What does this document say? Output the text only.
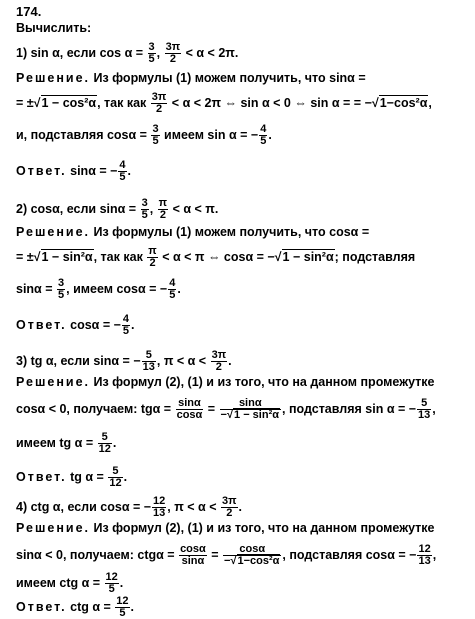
174.
Вычислить:
1) sin α, если $\cos \alpha = \frac{3}{5}$ , $\frac{3\pi}{2} < \alpha < 2\pi$.
Решение. Из формулы (1) можем получить, что sinα =
= ±√1 − cos²α, так как $\frac{3\pi}{2} < \alpha < 2\pi$ ⇔ sin α < 0 ⇔ sin α = = −√1−cos²α,
и, подставляя $\cos\alpha = \frac{3}{5}$ имеем sin α = − $\frac{4}{5}$ .
Ответ. sinα = − $\frac{4}{5}$ .
2) cosα, если $\sin\alpha = \frac{3}{5}$ , $\frac{\pi}{2} < \alpha < \pi$.
Решение. Из формулы (1) можем получить, что cosα =
= ±√1 − sin²α, так как $\frac{\pi}{2} < \alpha < \pi$ ⇔ cosα = −√1 − sin²α; подставляя
$\sin\alpha = \frac{3}{5}$ , имеем cosα = − $\frac{4}{5}$ .
Ответ. cosα = − $\frac{4}{5}$ .
3) tg α, если sinα = − $\frac{5}{13}$ , $\pi < \alpha < \frac{3\pi}{2}$ .
Решение. Из формул (2), (1) и из того, что на данном промежутке
cosα < 0, получаем: $tg\alpha = \frac{\sin\alpha}{\cos\alpha} = \frac{\sin\alpha}{\text{−√1 − sin²α}}$ , подставляя sin α = − $\frac{5}{13}$ ,
имеем tg $\alpha = \frac{5}{12}$ .
Ответ. tg $\alpha = \frac{5}{12}$ .
4) ctg α, если cosα = − $\frac{12}{13}$ , $\pi < \alpha < \frac{3\pi}{2}$ .
Решение. Из формул (2), (1) и из того, что на данном промежутке
sinα < 0, получаем: $ctg\alpha = \frac{\cos\alpha}{\sin\alpha} = \frac{\cos\alpha}{\text{−√1−cos²α}}$ , подставляя cosα = − $\frac{12}{13}$ ,
имеем ctg $\alpha = \frac{12}{5}$ .
Ответ. ctg $\alpha = \frac{12}{5}$ .
